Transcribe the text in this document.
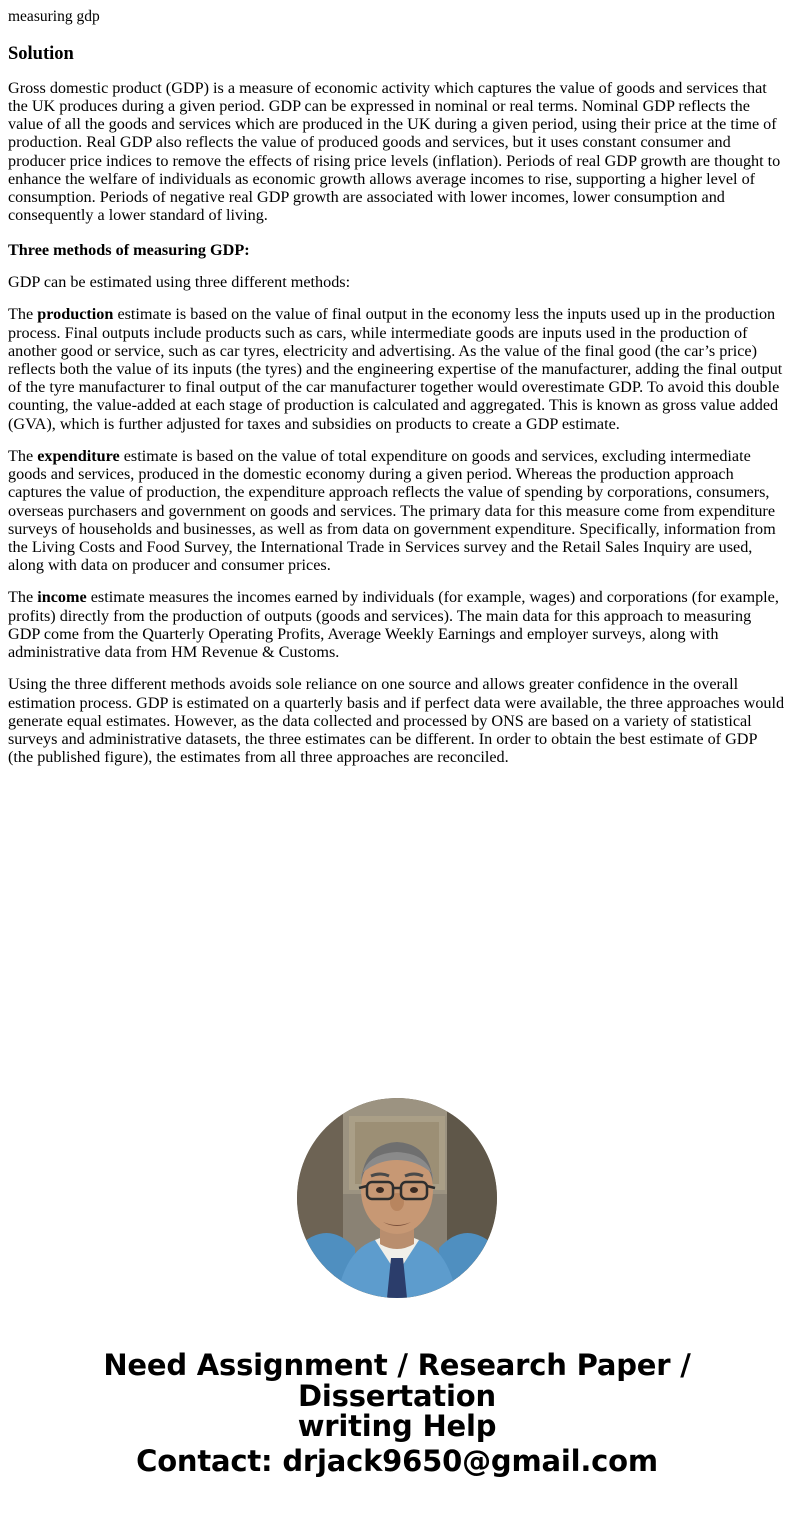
measuring gdp

Solution

Gross domestic product (GDP) is a measure of economic activity which captures the value of goods and services that the UK produces during a given period. GDP can be expressed in nominal or real terms. Nominal GDP reflects the value of all the goods and services which are produced in the UK during a given period, using their price at the time of production. Real GDP also reflects the value of produced goods and services, but it uses constant consumer and producer price indices to remove the effects of rising price levels (inflation). Periods of real GDP growth are thought to enhance the welfare of individuals as economic growth allows average incomes to rise, supporting a higher level of consumption. Periods of negative real GDP growth are associated with lower incomes, lower consumption and consequently a lower standard of living.

Three methods of measuring GDP:

GDP can be estimated using three different methods:

The production estimate is based on the value of final output in the economy less the inputs used up in the production process. Final outputs include products such as cars, while intermediate goods are inputs used in the production of another good or service, such as car tyres, electricity and advertising. As the value of the final good (the car’s price) reflects both the value of its inputs (the tyres) and the engineering expertise of the manufacturer, adding the final output of the tyre manufacturer to final output of the car manufacturer together would overestimate GDP. To avoid this double counting, the value-added at each stage of production is calculated and aggregated. This is known as gross value added (GVA), which is further adjusted for taxes and subsidies on products to create a GDP estimate.

The expenditure estimate is based on the value of total expenditure on goods and services, excluding intermediate goods and services, produced in the domestic economy during a given period. Whereas the production approach captures the value of production, the expenditure approach reflects the value of spending by corporations, consumers, overseas purchasers and government on goods and services. The primary data for this measure come from expenditure surveys of households and businesses, as well as from data on government expenditure. Specifically, information from the Living Costs and Food Survey, the International Trade in Services survey and the Retail Sales Inquiry are used, along with data on producer and consumer prices.

The income estimate measures the incomes earned by individuals (for example, wages) and corporations (for example, profits) directly from the production of outputs (goods and services). The main data for this approach to measuring GDP come from the Quarterly Operating Profits, Average Weekly Earnings and employer surveys, along with administrative data from HM Revenue & Customs.

Using the three different methods avoids sole reliance on one source and allows greater confidence in the overall estimation process. GDP is estimated on a quarterly basis and if perfect data were available, the three approaches would generate equal estimates. However, as the data collected and processed by ONS are based on a variety of statistical surveys and administrative datasets, the three estimates can be different. In order to obtain the best estimate of GDP (the published figure), the estimates from all three approaches are reconciled.

Need Assignment / Research Paper / Dissertation
writing Help
Contact: drjack9650@gmail.com
